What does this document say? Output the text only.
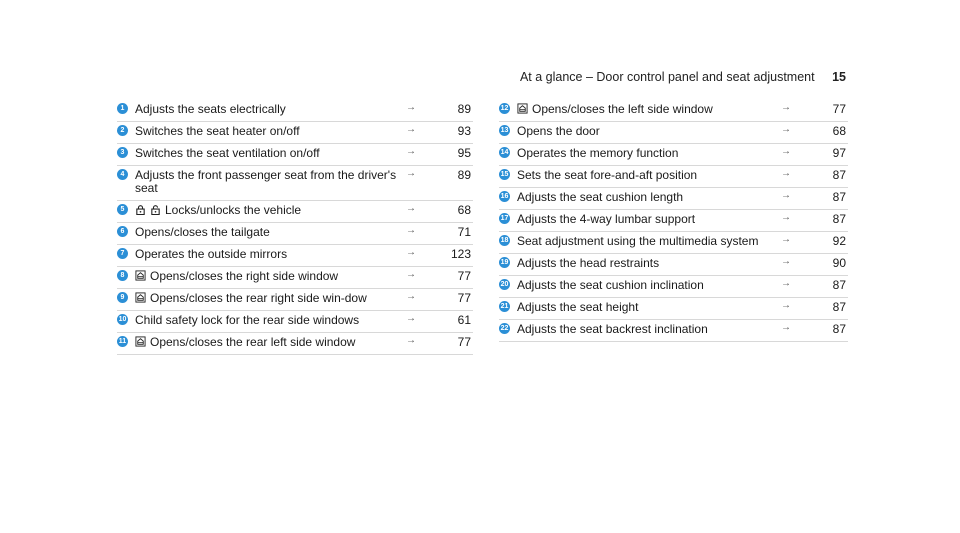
At a glance – Door control panel and seat adjustment 15
1 Adjusts the seats electrically	→	89
2 Switches the seat heater on/off	→	93
3 Switches the seat ventilation on/off	→	95
4 Adjusts the front passenger seat from the driver's seat
→	89
5	Locks/unlocks the vehicle	→	68
6 Opens/closes the tailgate	→	71
7 Operates the outside mirrors	→	123
8	Opens/closes the right side window	→	77
9	Opens/closes the rear right side win-dow	→	77
10 Child safety lock for the rear side windows	→	61
11	Opens/closes the rear left side window	→	77
12	Opens/closes the left side window	→	77
13 Opens the door	→	68
14 Operates the memory function	→	97
15 Sets the seat fore-and-aft position	→	87
16 Adjusts the seat cushion length	→	87
17 Adjusts the 4-way lumbar support	→	87
18 Seat adjustment using the multimedia system	→	92
19 Adjusts the head restraints	→	90
20 Adjusts the seat cushion inclination	→	87
21 Adjusts the seat height	→	87
22 Adjusts the seat backrest inclination	→	87
